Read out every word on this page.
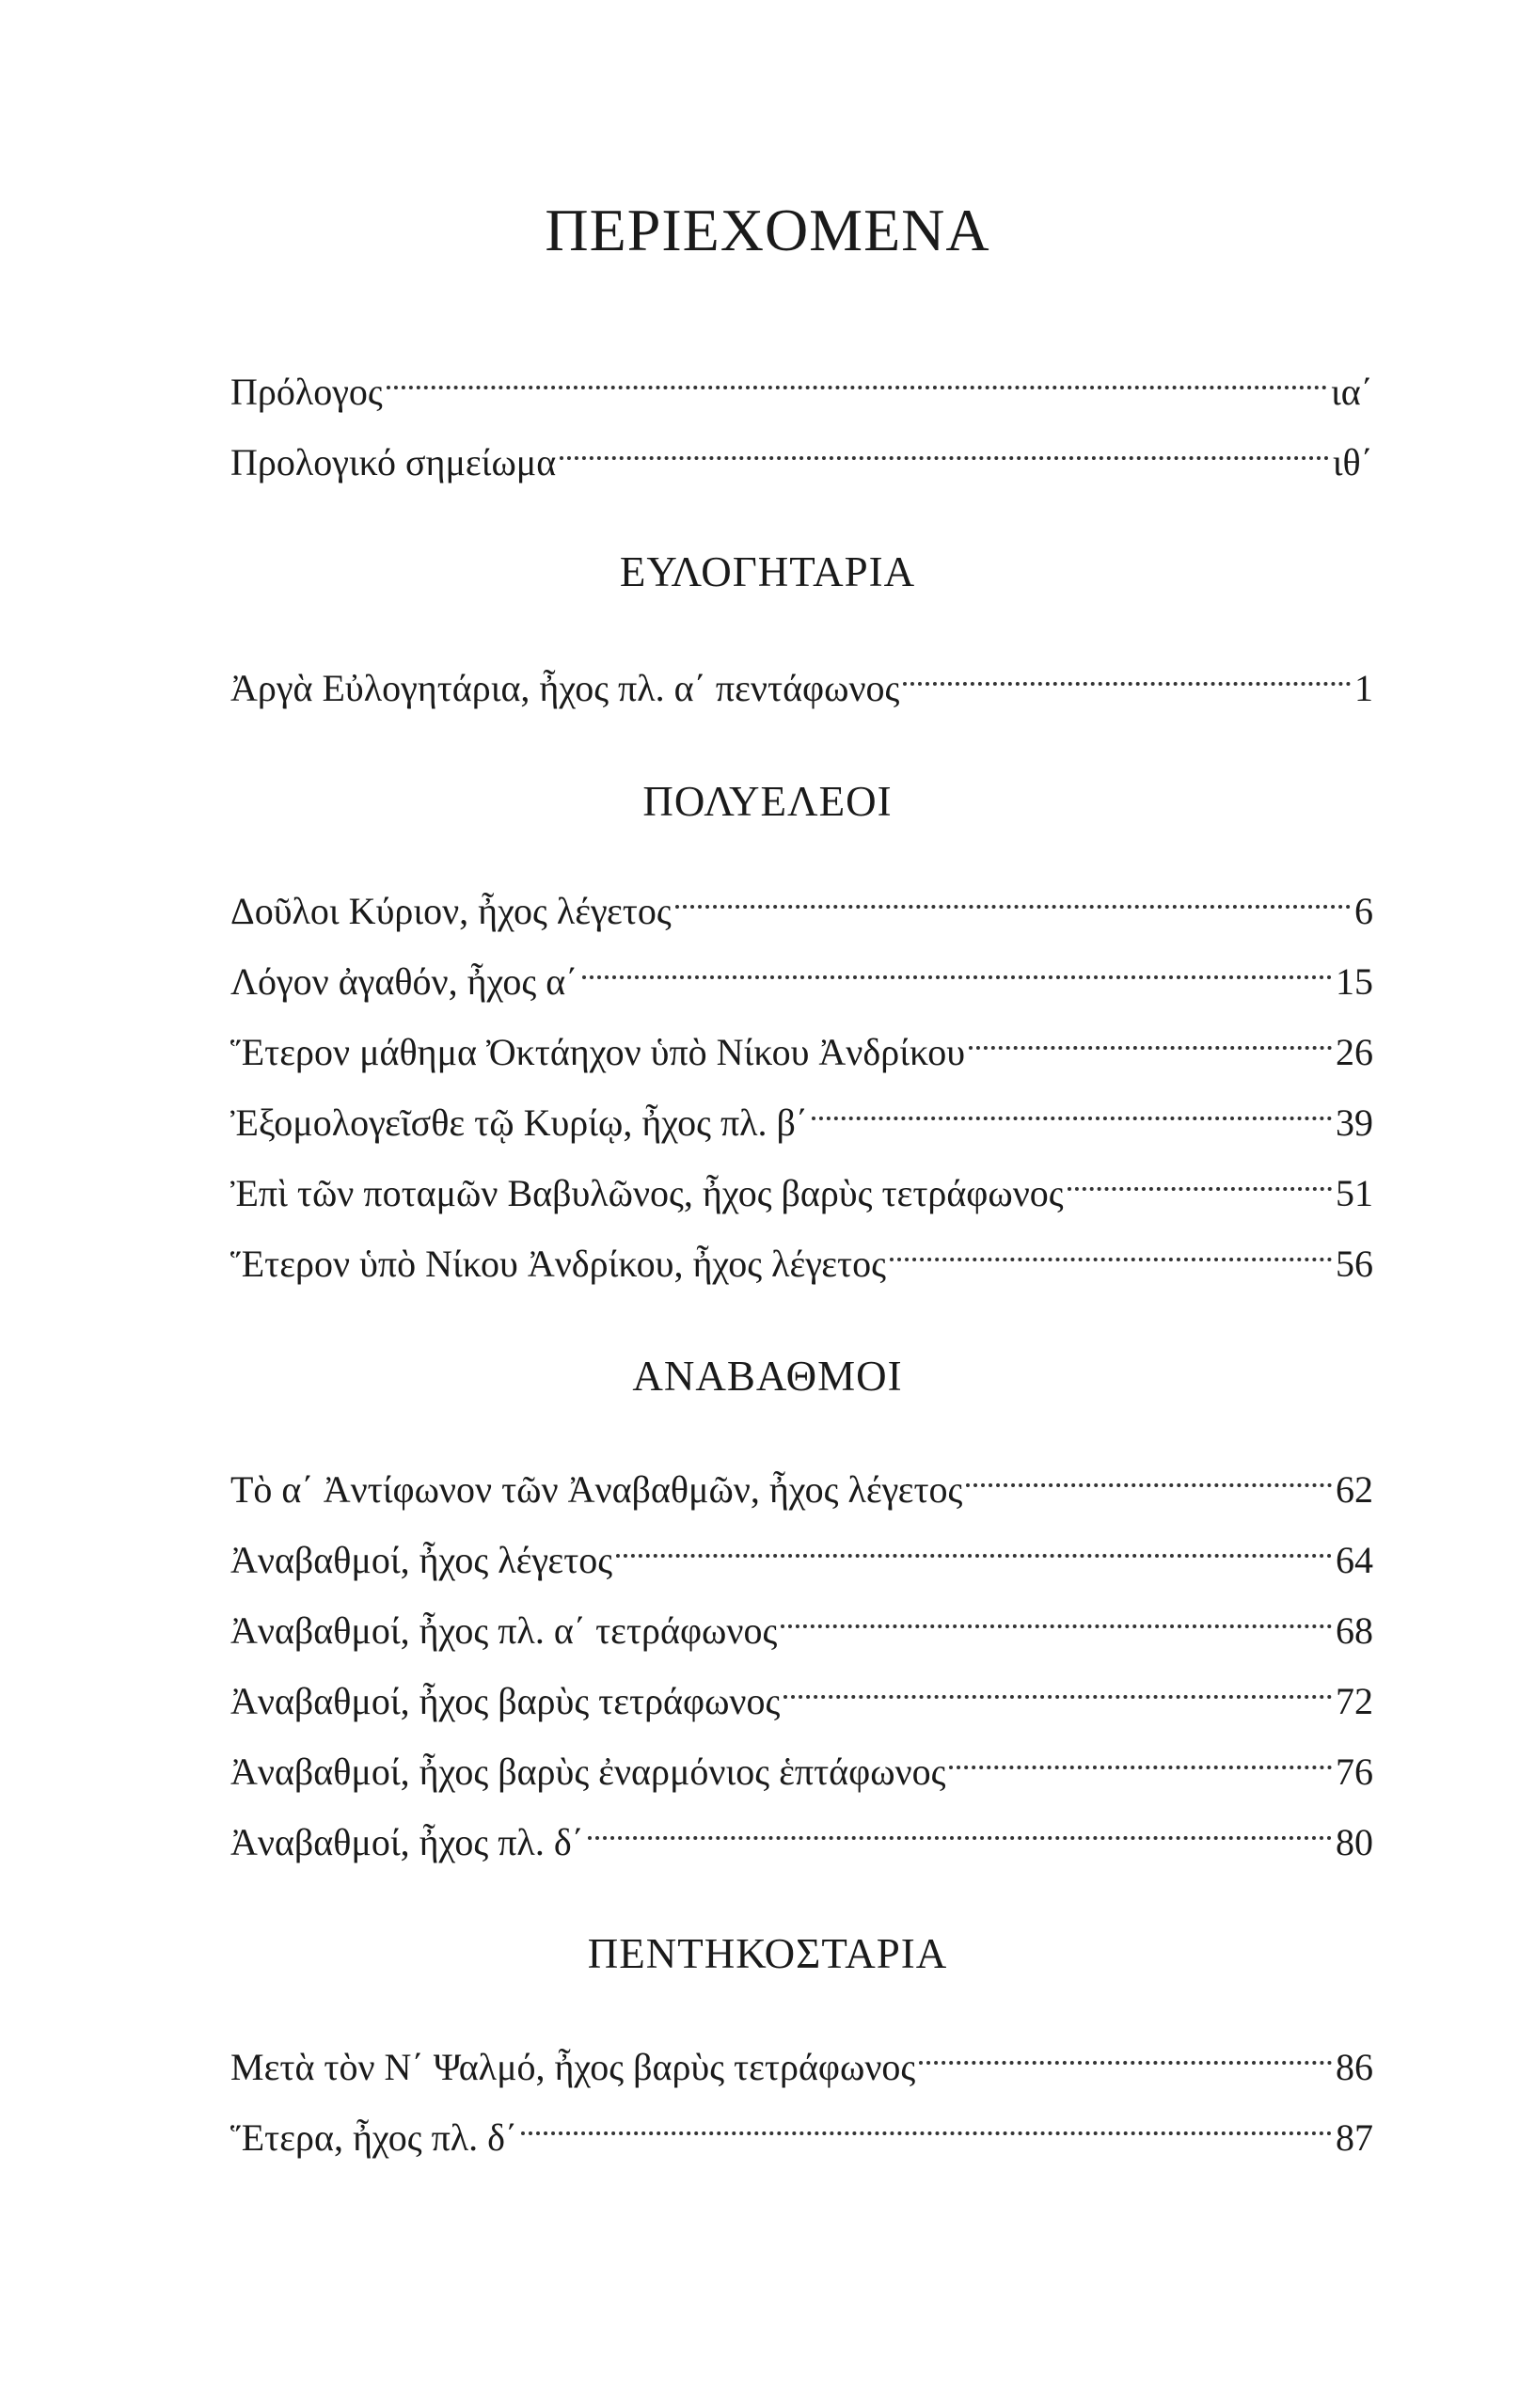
ΠΕΡΙΕΧΟΜΕΝΑ
Πρόλογος	ια΄
Προλογικό σημείωμα	ιθ΄
ΕΥΛΟΓΗΤΑΡΙΑ
Ἀργὰ Εὐλογητάρια, ἦχος πλ. α΄ πεντάφωνος	1
ΠΟΛΥΕΛΕΟΙ
Δοῦλοι Κύριον, ἦχος λέγετος	6
Λόγον ἀγαθόν, ἦχος α΄	15
Ἕτερον μάθημα Ὀκτάηχον ὑπὸ Νίκου Ἀνδρίκου	26
Ἐξομολογεῖσθε τῷ Κυρίῳ, ἦχος πλ. β΄	39
Ἐπὶ τῶν ποταμῶν Βαβυλῶνος, ἦχος βαρὺς τετράφωνος	51
Ἕτερον ὑπὸ Νίκου Ἀνδρίκου, ἦχος λέγετος	56
ΑΝΑΒΑΘΜΟΙ
Τὸ α΄ Ἀντίφωνον τῶν Ἀναβαθμῶν, ἦχος λέγετος	62
Ἀναβαθμοί, ἦχος λέγετος	64
Ἀναβαθμοί, ἦχος πλ. α΄ τετράφωνος	68
Ἀναβαθμοί, ἦχος βαρὺς τετράφωνος	72
Ἀναβαθμοί, ἦχος βαρὺς ἐναρμόνιος ἑπτάφωνος	76
Ἀναβαθμοί, ἦχος πλ. δ΄	80
ΠΕΝΤΗΚΟΣΤΑΡΙΑ
Μετὰ τὸν Ν΄ Ψαλμό, ἦχος βαρὺς τετράφωνος	86
Ἕτερα, ἦχος πλ. δ΄	87
